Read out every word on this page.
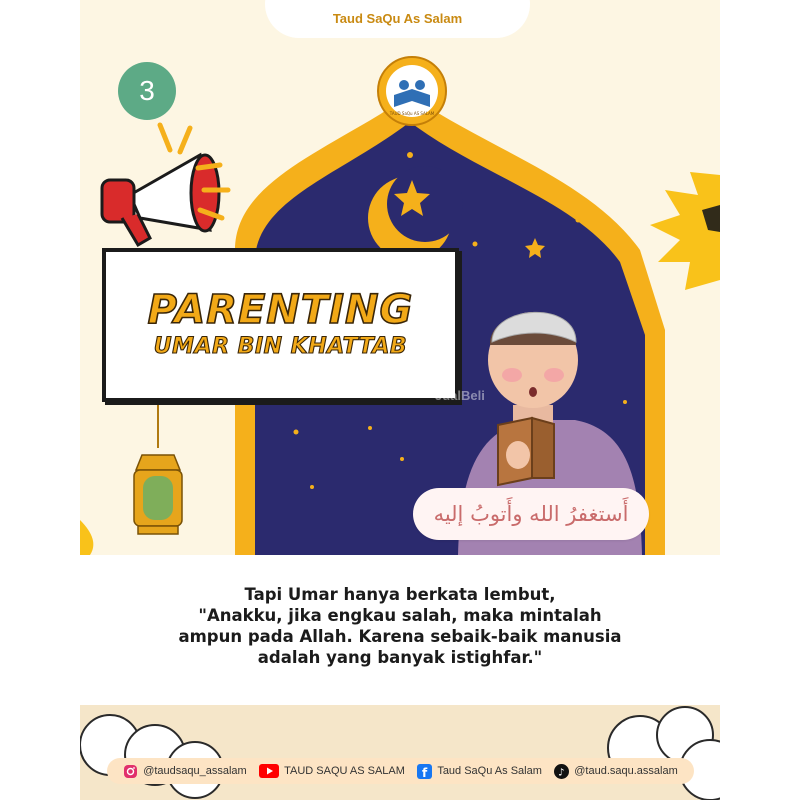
Taud SaQu As Salam
3
TAUD SaQu AS SALAM
PARENTING
UMAR BIN KHATTAB
JualBeli
أَستغفرُ الله وأَتوبُ إليه
Tapi Umar hanya berkata lembut,
"Anakku, jika engkau salah, maka mintalah
ampun pada Allah. Karena sebaik-baik manusia
adalah yang banyak istighfar."
@taudsaqu_assalam	TAUD SAQU AS SALAM f Taud SaQu As Salam ♪ @taud.saqu.assalam
